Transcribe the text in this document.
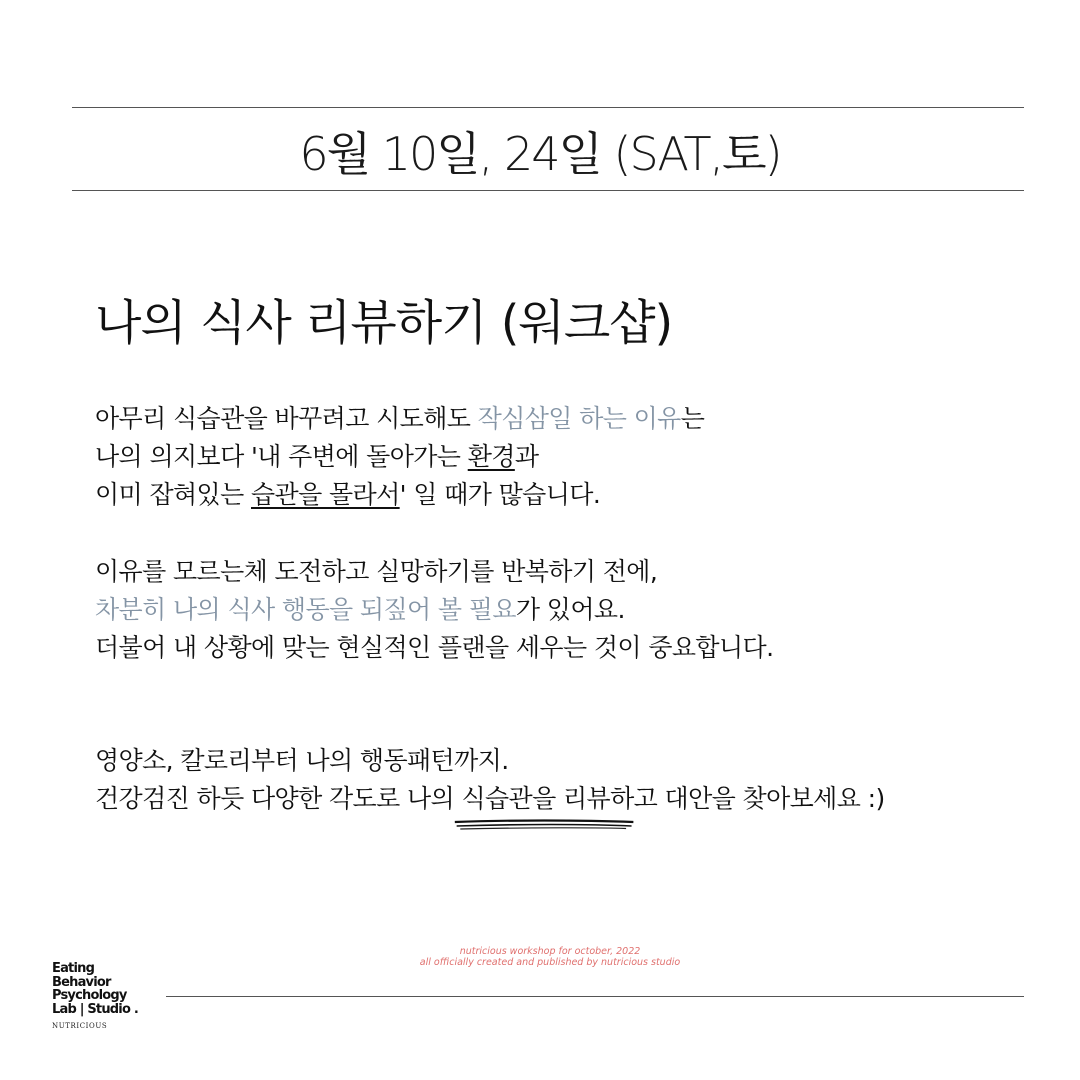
6월 10일, 24일 (SAT,토)
나의 식사 리뷰하기 (워크샵)
아무리 식습관을 바꾸려고 시도해도 작심삼일 하는 이유는
나의 의지보다 '내 주변에 돌아가는 환경과
이미 잡혀있는 습관을 몰라서' 일 때가 많습니다.
이유를 모르는체 도전하고 실망하기를 반복하기 전에,
차분히 나의 식사 행동을 되짚어 볼 필요가 있어요.
더불어 내 상황에 맞는 현실적인 플랜을 세우는 것이 중요합니다.
영양소, 칼로리부터 나의 행동패턴까지.
건강검진 하듯 다양한 각도로 나의 식습관을 리뷰하
고 대안을 찾아보세요 :)
nutricious workshop for october, 2022
all officially created and published by nutricious studio
Eating
Behavior
Psychology
Lab | Studio .
NUTRICIOUS
